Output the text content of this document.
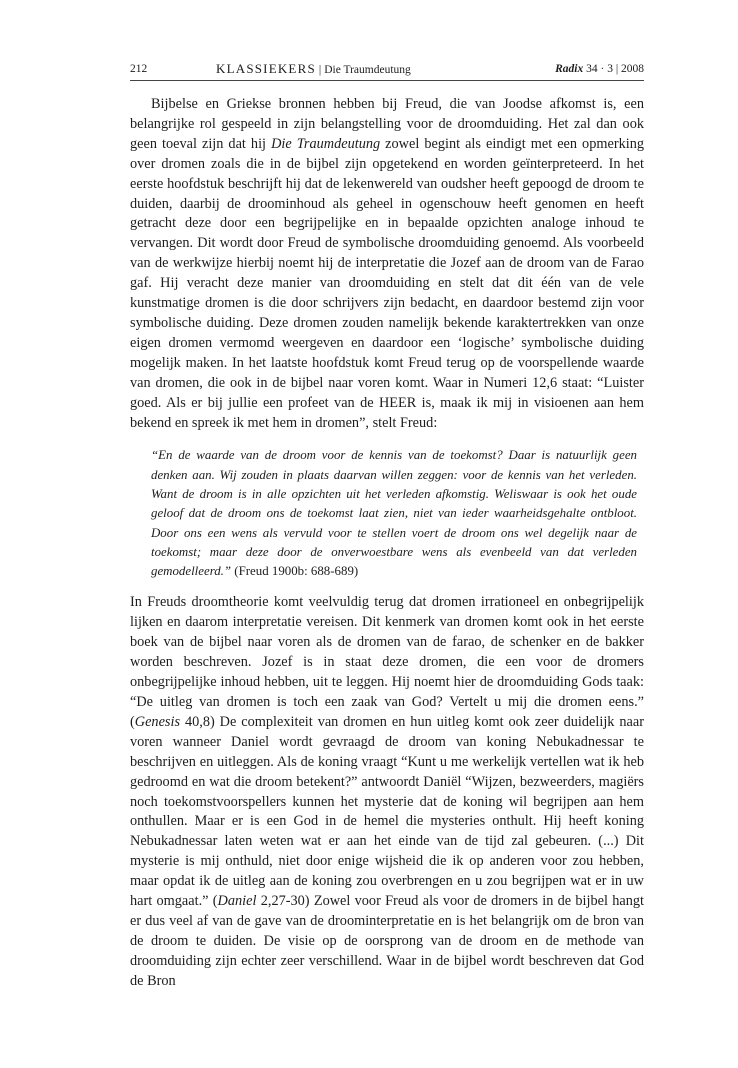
212	KLASSIEKERS | Die Traumdeutung	Radix 34 · 3 | 2008

Bijbelse en Griekse bronnen hebben bij Freud, die van Joodse afkomst is, een belangrijke rol gespeeld in zijn belangstelling voor de droomduiding. Het zal dan ook geen toeval zijn dat hij Die Traumdeutung zowel begint als eindigt met een opmerking over dromen zoals die in de bijbel zijn opgetekend en worden geïnterpreteerd. In het eerste hoofdstuk beschrijft hij dat de lekenwereld van oudsher heeft gepoogd de droom te duiden, daarbij de droominhoud als geheel in ogenschouw heeft genomen en heeft getracht deze door een begrijpelijke en in bepaalde opzichten analoge inhoud te vervangen. Dit wordt door Freud de symbolische droomduiding genoemd. Als voorbeeld van de werkwijze hierbij noemt hij de interpretatie die Jozef aan de droom van de Farao gaf. Hij veracht deze manier van droomduiding en stelt dat dit één van de vele kunstmatige dromen is die door schrijvers zijn bedacht, en daardoor bestemd zijn voor symbolische duiding. Deze dromen zouden namelijk bekende karaktertrekken van onze eigen dromen vermomd weergeven en daardoor een ‘logische’ symbolische duiding mogelijk maken. In het laatste hoofdstuk komt Freud terug op de voorspellende waarde van dromen, die ook in de bijbel naar voren komt. Waar in Numeri 12,6 staat: “Luister goed. Als er bij jullie een profeet van de HEER is, maak ik mij in visioenen aan hem bekend en spreek ik met hem in dromen”, stelt Freud:

“En de waarde van de droom voor de kennis van de toekomst? Daar is natuurlijk geen denken aan. Wij zouden in plaats daarvan willen zeggen: voor de kennis van het verleden. Want de droom is in alle opzichten uit het verleden afkomstig. Weliswaar is ook het oude geloof dat de droom ons de toekomst laat zien, niet van ieder waarheidsgehalte ontbloot. Door ons een wens als vervuld voor te stellen voert de droom ons wel degelijk naar de toekomst; maar deze door de onverwoestbare wens als evenbeeld van dat verleden gemodelleerd.” (Freud 1900b: 688-689)

In Freuds droomtheorie komt veelvuldig terug dat dromen irrationeel en onbegrijpelijk lijken en daarom interpretatie vereisen. Dit kenmerk van dromen komt ook in het eerste boek van de bijbel naar voren als de dromen van de farao, de schenker en de bakker worden beschreven. Jozef is in staat deze dromen, die een voor de dromers onbegrijpelijke inhoud hebben, uit te leggen. Hij noemt hier de droomduiding Gods taak: “De uitleg van dromen is toch een zaak van God? Vertelt u mij die dromen eens.” (Genesis 40,8) De complexiteit van dromen en hun uitleg komt ook zeer duidelijk naar voren wanneer Daniel wordt gevraagd de droom van koning Nebukadnessar te beschrijven en uitleggen. Als de koning vraagt “Kunt u me werkelijk vertellen wat ik heb gedroomd en wat die droom betekent?” antwoordt Daniël “Wijzen, bezweerders, magiërs noch toekomstvoorspellers kunnen het mysterie dat de koning wil begrijpen aan hem onthullen. Maar er is een God in de hemel die mysteries onthult. Hij heeft koning Nebukadnessar laten weten wat er aan het einde van de tijd zal gebeuren. (...) Dit mysterie is mij onthuld, niet door enige wijsheid die ik op anderen voor zou hebben, maar opdat ik de uitleg aan de koning zou overbrengen en u zou begrijpen wat er in uw hart omgaat.” (Daniel 2,27-30) Zowel voor Freud als voor de dromers in de bijbel hangt er dus veel af van de gave van de droominterpretatie en is het belangrijk om de bron van de droom te duiden. De visie op de oorsprong van de droom en de methode van droomduiding zijn echter zeer verschillend. Waar in de bijbel wordt beschreven dat God de Bron
